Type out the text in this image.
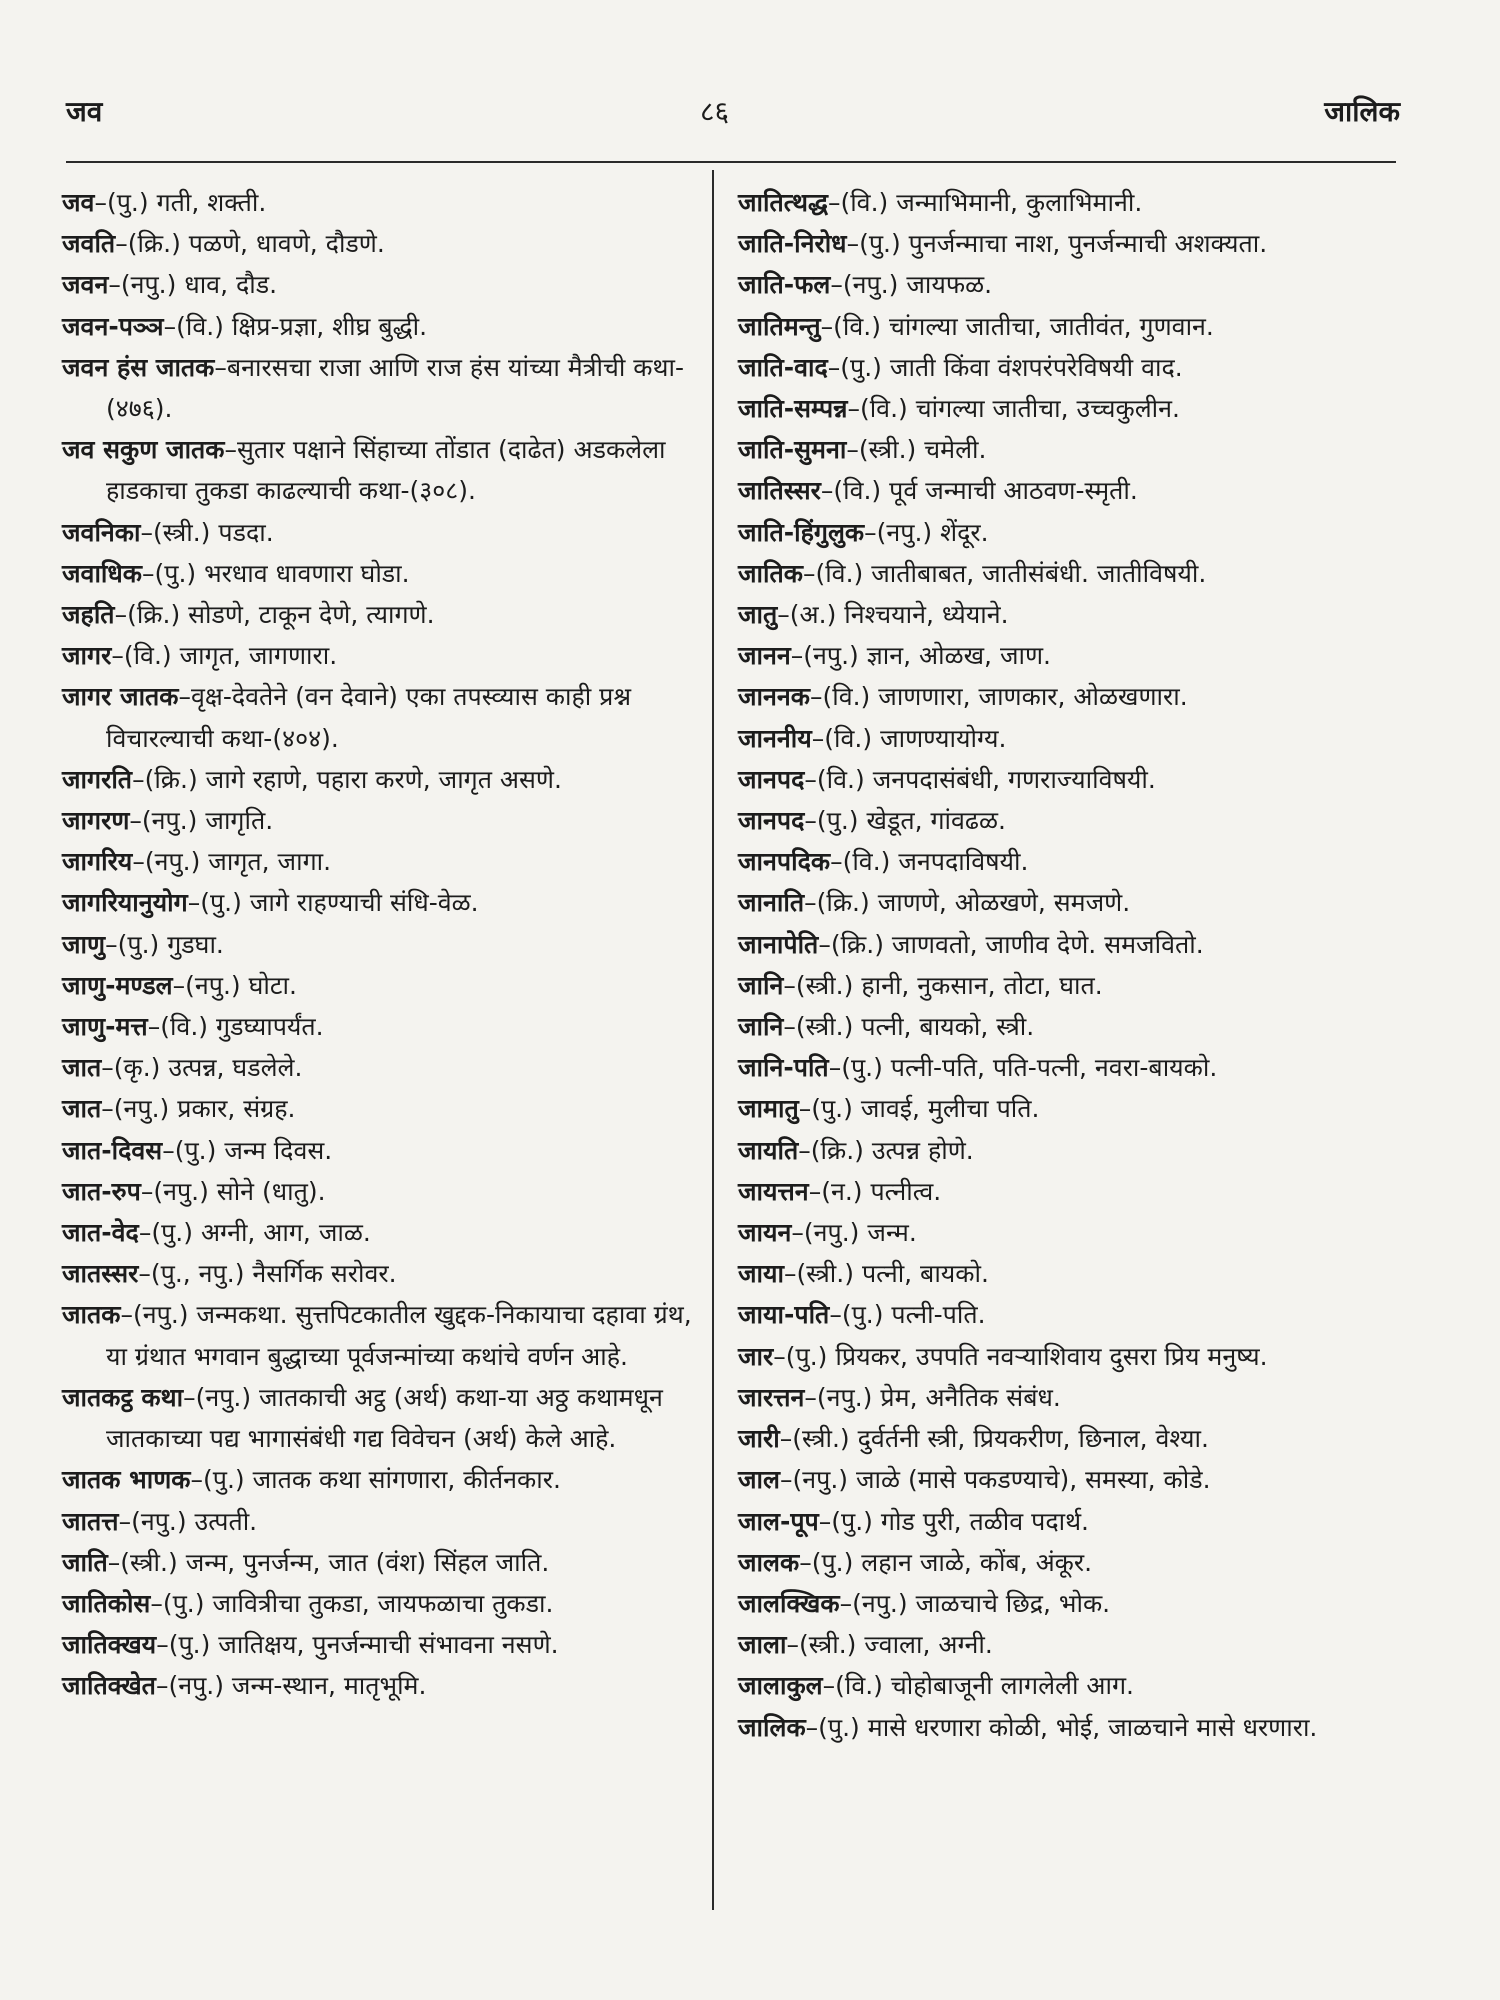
जव	८६	जालिक
जव–(पु.) गती, शक्ती.
जवति–(क्रि.) पळणे, धावणे, दौडणे.
जवन–(नपु.) धाव, दौड.
जवन-पञ्ञ–(वि.) क्षिप्र-प्रज्ञा, शीघ्र बुद्धी.
जवन हंस जातक–बनारसचा राजा आणि राज हंस यांच्या मैत्रीची कथा-(४७६).
जव सकुण जातक–सुतार पक्षाने सिंहाच्या तोंडात (दाढेत) अडकलेला हाडकाचा तुकडा काढल्याची कथा-(३०८).
जवनिका–(स्त्री.) पडदा.
जवाधिक–(पु.) भरधाव धावणारा घोडा.
जहति–(क्रि.) सोडणे, टाकून देणे, त्यागणे.
जागर–(वि.) जागृत, जागणारा.
जागर जातक–वृक्ष-देवतेने (वन देवाने) एका तपस्व्यास काही प्रश्न विचारल्याची कथा-(४०४).
जागरति–(क्रि.) जागे रहाणे, पहारा करणे, जागृत असणे.
जागरण–(नपु.) जागृति.
जागरिय–(नपु.) जागृत, जागा.
जागरियानुयोग–(पु.) जागे राहण्याची संधि-वेळ.
जाणु–(पु.) गुडघा.
जाणु-मण्डल–(नपु.) घोटा.
जाणु-मत्त–(वि.) गुडघ्यापर्यंत.
जात–(कृ.) उत्पन्न, घडलेले.
जात–(नपु.) प्रकार, संग्रह.
जात-दिवस–(पु.) जन्म दिवस.
जात-रुप–(नपु.) सोने (धातु).
जात-वेद–(पु.) अग्नी, आग, जाळ.
जातस्सर–(पु., नपु.) नैसर्गिक सरोवर.
जातक–(नपु.) जन्मकथा. सुत्तपिटकातील खुद्दक-निकायाचा दहावा ग्रंथ, या ग्रंथात भगवान बुद्धाच्या पूर्वजन्मांच्या कथांचे वर्णन आहे.
जातकट्ठ कथा–(नपु.) जातकाची अट्ठ (अर्थ) कथा-या अठ्ठ कथामधून जातकाच्या पद्य भागासंबंधी गद्य विवेचन (अर्थ) केले आहे.
जातक भाणक–(पु.) जातक कथा सांगणारा, कीर्तनकार.
जातत्त–(नपु.) उत्पती.
जाति–(स्त्री.) जन्म, पुनर्जन्म, जात (वंश) सिंहल जाति.
जातिकोस–(पु.) जावित्रीचा तुकडा, जायफळाचा तुकडा.
जातिक्खय–(पु.) जातिक्षय, पुनर्जन्माची संभावना नसणे.
जातिक्खेत–(नपु.) जन्म-स्थान, मातृभूमि.
जातित्थद्ध–(वि.) जन्माभिमानी, कुलाभिमानी.
जाति-निरोध–(पु.) पुनर्जन्माचा नाश, पुनर्जन्माची अशक्यता.
जाति-फल–(नपु.) जायफळ.
जातिमन्तु–(वि.) चांगल्या जातीचा, जातीवंत, गुणवान.
जाति-वाद–(पु.) जाती किंवा वंशपरंपरेविषयी वाद.
जाति-सम्पन्न–(वि.) चांगल्या जातीचा, उच्चकुलीन.
जाति-सुमना–(स्त्री.) चमेली.
जातिस्सर–(वि.) पूर्व जन्माची आठवण-स्मृती.
जाति-हिंगुलुक–(नपु.) शेंदूर.
जातिक–(वि.) जातीबाबत, जातीसंबंधी. जातीविषयी.
जातु–(अ.) निश्चयाने, ध्येयाने.
जानन–(नपु.) ज्ञान, ओळख, जाण.
जाननक–(वि.) जाणणारा, जाणकार, ओळखणारा.
जाननीय–(वि.) जाणण्यायोग्य.
जानपद–(वि.) जनपदासंबंधी, गणराज्याविषयी.
जानपद–(पु.) खेडूत, गांवढळ.
जानपदिक–(वि.) जनपदाविषयी.
जानाति–(क्रि.) जाणणे, ओळखणे, समजणे.
जानापेति–(क्रि.) जाणवतो, जाणीव देणे. समजवितो.
जानि–(स्त्री.) हानी, नुकसान, तोटा, घात.
जानि–(स्त्री.) पत्नी, बायको, स्त्री.
जानि-पति–(पु.) पत्नी-पति, पति-पत्नी, नवरा-बायको.
जामातु–(पु.) जावई, मुलीचा पति.
जायति–(क्रि.) उत्पन्न होणे.
जायत्तन–(न.) पत्नीत्व.
जायन–(नपु.) जन्म.
जाया–(स्त्री.) पत्नी, बायको.
जाया-पति–(पु.) पत्नी-पति.
जार–(पु.) प्रियकर, उपपति नवऱ्याशिवाय दुसरा प्रिय मनुष्य.
जारत्तन–(नपु.) प्रेम, अनैतिक संबंध.
जारी–(स्त्री.) दुर्वर्तनी स्त्री, प्रियकरीण, छिनाल, वेश्या.
जाल–(नपु.) जाळे (मासे पकडण्याचे), समस्या, कोडे.
जाल-पूप–(पु.) गोड पुरी, तळीव पदार्थ.
जालक–(पु.) लहान जाळे, कोंब, अंकूर.
जालक्खिक–(नपु.) जाळचाचे छिद्र, भोक.
जाला–(स्त्री.) ज्वाला, अग्नी.
जालाकुल–(वि.) चोहोबाजूनी लागलेली आग.
जालिक–(पु.) मासे धरणारा कोळी, भोई, जाळचाने मासे धरणारा.
